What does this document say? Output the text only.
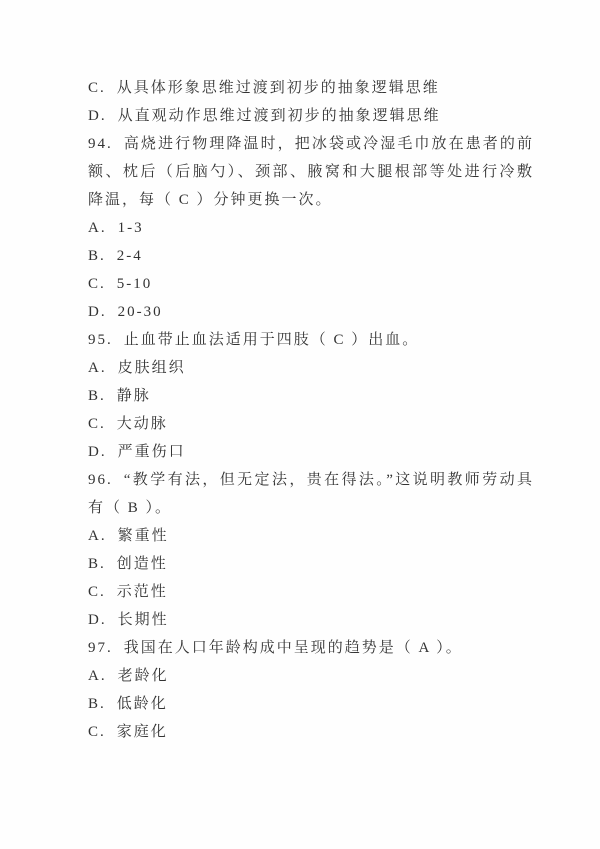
C. 从具体形象思维过渡到初步的抽象逻辑思维
D. 从直观动作思维过渡到初步的抽象逻辑思维

94. 高烧进行物理降温时，把冰袋或冷湿毛巾放在患者的前额、枕后（后脑勺）、颈部、腋窝和大腿根部等处进行冷敷降温，每（ C ）分钟更换一次。

A. 1-3
B. 2-4
C. 5-10
D. 20-30

95. 止血带止血法适用于四肢（ C ）出血。

A. 皮肤组织
B. 静脉
C. 大动脉
D. 严重伤口

96. “教学有法，但无定法，贵在得法。”这说明教师劳动具有（ B ）。

A. 繁重性
B. 创造性
C. 示范性
D. 长期性

97. 我国在人口年龄构成中呈现的趋势是（ A ）。

A. 老龄化
B. 低龄化
C. 家庭化
